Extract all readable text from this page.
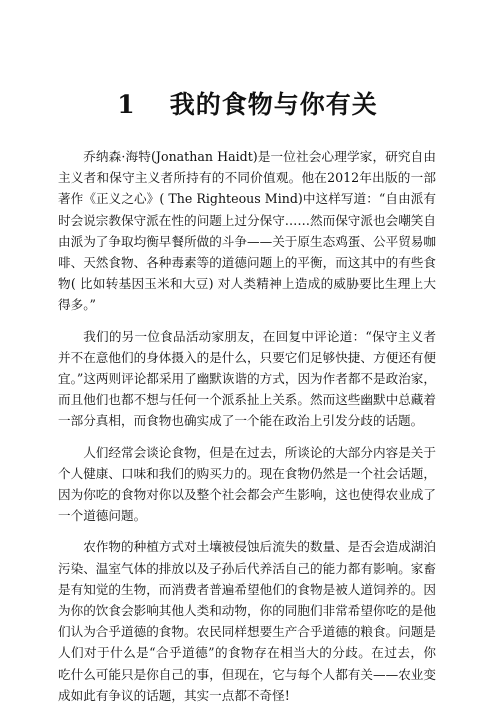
1 我的食物与你有关

乔纳森·海特(Jonathan Haidt)是一位社会心理学家，研究自由主义者和保守主义者所持有的不同价值观。他在2012年出版的一部著作《正义之心》( The Righteous Mind)中这样写道：“自由派有时会说宗教保守派在性的问题上过分保守……然而保守派也会嘲笑自由派为了争取均衡早餐所做的斗争——关于原生态鸡蛋、公平贸易咖啡、天然食物、各种毒素等的道德问题上的平衡，而这其中的有些食物( 比如转基因玉米和大豆) 对人类精神上造成的威胁要比生理上大得多。”

我们的另一位食品活动家朋友，在回复中评论道：“保守主义者并不在意他们的身体摄入的是什么，只要它们足够快捷、方便还有便宜。”这两则评论都采用了幽默诙谐的方式，因为作者都不是政治家，而且他们也都不想与任何一个派系扯上关系。然而这些幽默中总藏着一部分真相，而食物也确实成了一个能在政治上引发分歧的话题。

人们经常会谈论食物，但是在过去，所谈论的大部分内容是关于个人健康、口味和我们的购买力的。现在食物仍然是一个社会话题，因为你吃的食物对你以及整个社会都会产生影响，这也使得农业成了一个道德问题。

农作物的种植方式对土壤被侵蚀后流失的数量、是否会造成湖泊污染、温室气体的排放以及子孙后代养活自己的能力都有影响。家畜是有知觉的生物，而消费者普遍希望他们的食物是被人道饲养的。因为你的饮食会影响其他人类和动物，你的同胞们非常希望你吃的是他们认为合乎道德的食物。农民同样想要生产合乎道德的粮食。问题是人们对于什么是“合乎道德”的食物存在相当大的分歧。在过去，你吃什么可能只是你自己的事，但现在，它与每个人都有关——农业变成如此有争议的话题，其实一点都不奇怪!
